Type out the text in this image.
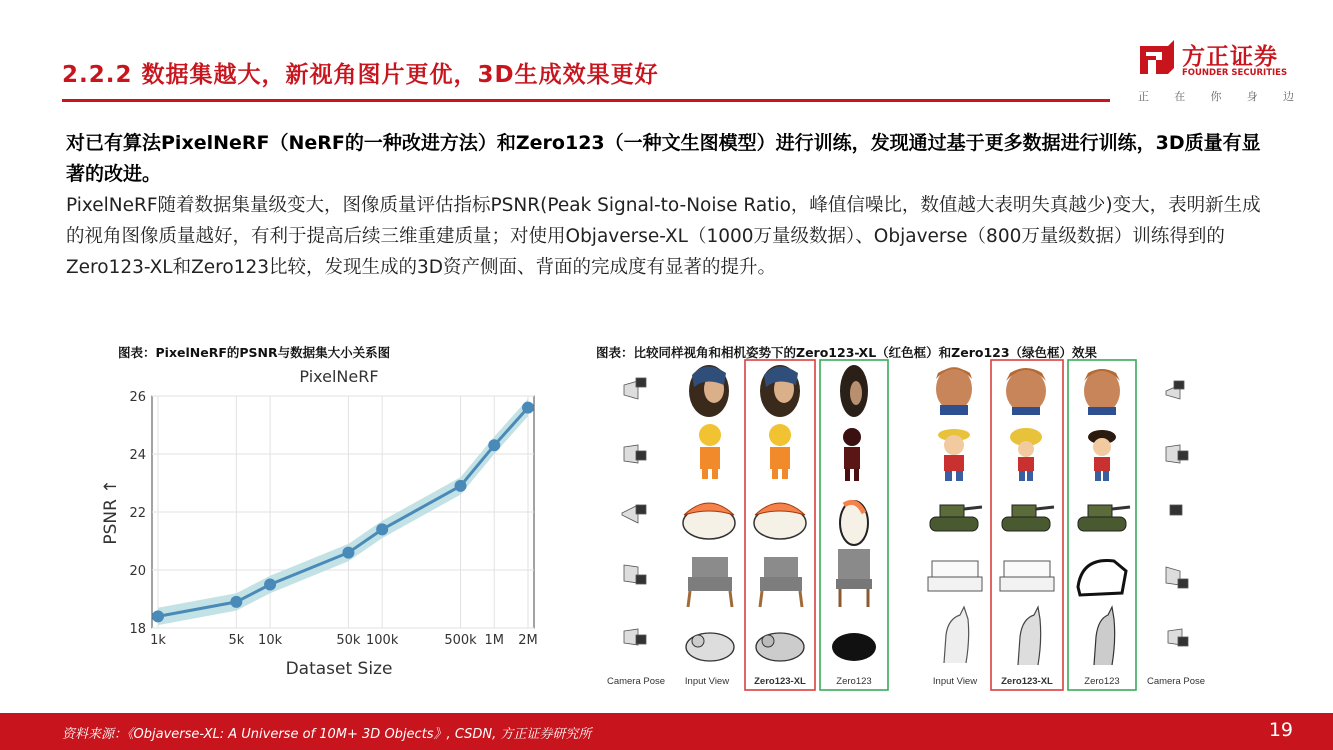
2.2.2 数据集越大，新视角图片更优，3D生成效果更好
方正证券
FOUNDER SECURITIES
正 在 你 身 边
对已有算法PixelNeRF（NeRF的一种改进方法）和Zero123（一种文生图模型）进行训练，发现通过基于更多数据进行训练，3D质量有显著的改进。
PixelNeRF随着数据集量级变大，图像质量评估指标PSNR(Peak Signal-to-Noise Ratio，峰值信噪比，数值越大表明失真越少)变大，表明新生成的视角图像质量越好，有利于提高后续三维重建质量；对使用Objaverse-XL（1000万量级数据）、Objaverse（800万量级数据）训练得到的Zero123-XL和Zero123比较，发现生成的3D资产侧面、背面的完成度有显著的提升。
图表：PixelNeRF的PSNR与数据集大小关系图	图表：比较同样视角和相机姿势下的Zero123-XL（红色框）和Zero123（绿色框）效果
PixelNeRF
1k	5k 10k	50k 100k	500k 1M 2M
18
20
22
24
26
Dataset Size
PSNR ↑
Camera Pose Input View	Zero123-XL	Zero123	Input View	Zero123-XL	Zero123	Camera Pose
资料来源：《Objaverse-XL: A Universe of 10M+ 3D Objects》, CSDN, 方正证券研究所	19
